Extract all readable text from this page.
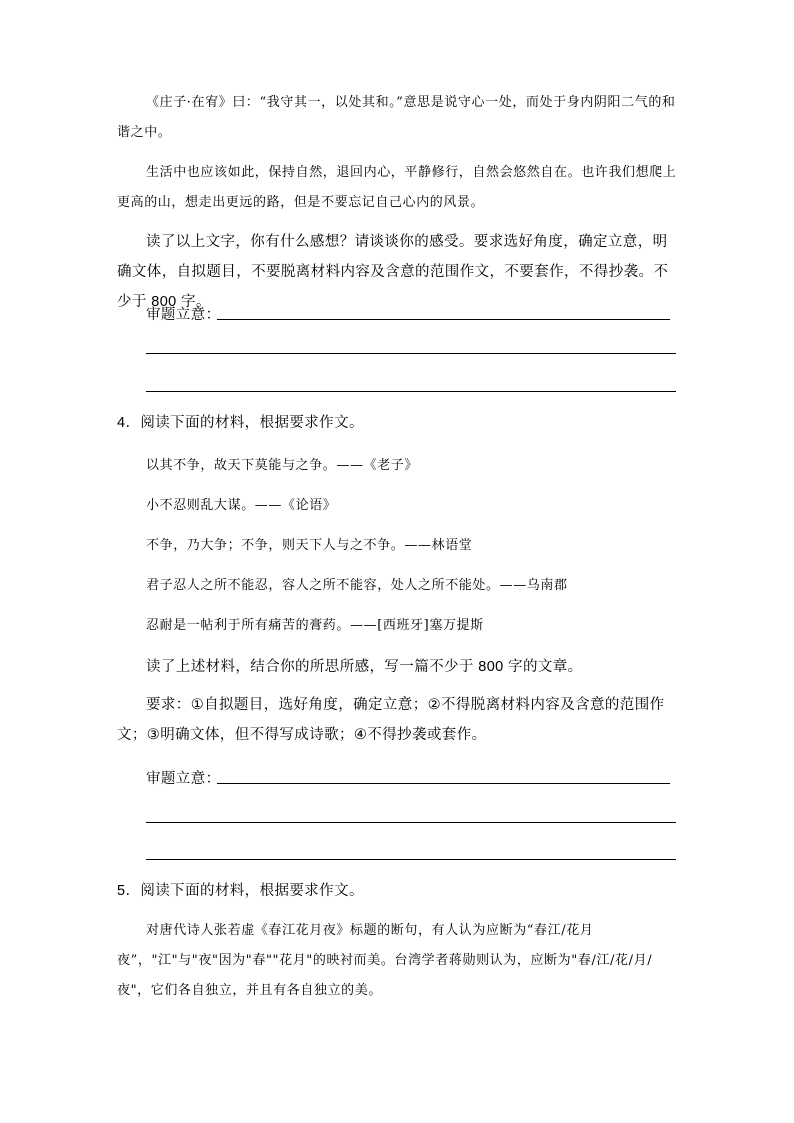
《庄子·在宥》曰：“我守其一，以处其和。”意思是说守心一处，而处于身内阴阳二气的和谐之中。

生活中也应该如此，保持自然，退回内心，平静修行，自然会悠然自在。也许我们想爬上更高的山，想走出更远的路，但是不要忘记自己心内的风景。

读了以上文字，你有什么感想？请谈谈你的感受。要求选好角度，确定立意，明确文体，自拟题目，不要脱离材料内容及含意的范围作文，不要套作，不得抄袭。不少于 800 字。

审题立意：
4．阅读下面的材料，根据要求作文。
以其不争，故天下莫能与之争。——《老子》
小不忍则乱大谋。——《论语》
不争，乃大争；不争，则天下人与之不争。——林语堂
君子忍人之所不能忍，容人之所不能容，处人之所不能处。——乌南郡
忍耐是一帖利于所有痛苦的膏药。——[西班牙]塞万提斯
读了上述材料，结合你的所思所感，写一篇不少于 800 字的文章。

要求：①自拟题目，选好角度，确定立意；②不得脱离材料内容及含意的范围作文；③明确文体，但不得写成诗歌；④不得抄袭或套作。

审题立意：
5．阅读下面的材料，根据要求作文。

对唐代诗人张若虚《春江花月夜》标题的断句，有人认为应断为“春江/花月夜”，"江"与"夜"因为"春""花月"的映衬而美。台湾学者蒋勋则认为，应断为"春/江/花/月/夜"，它们各自独立，并且有各自独立的美。
